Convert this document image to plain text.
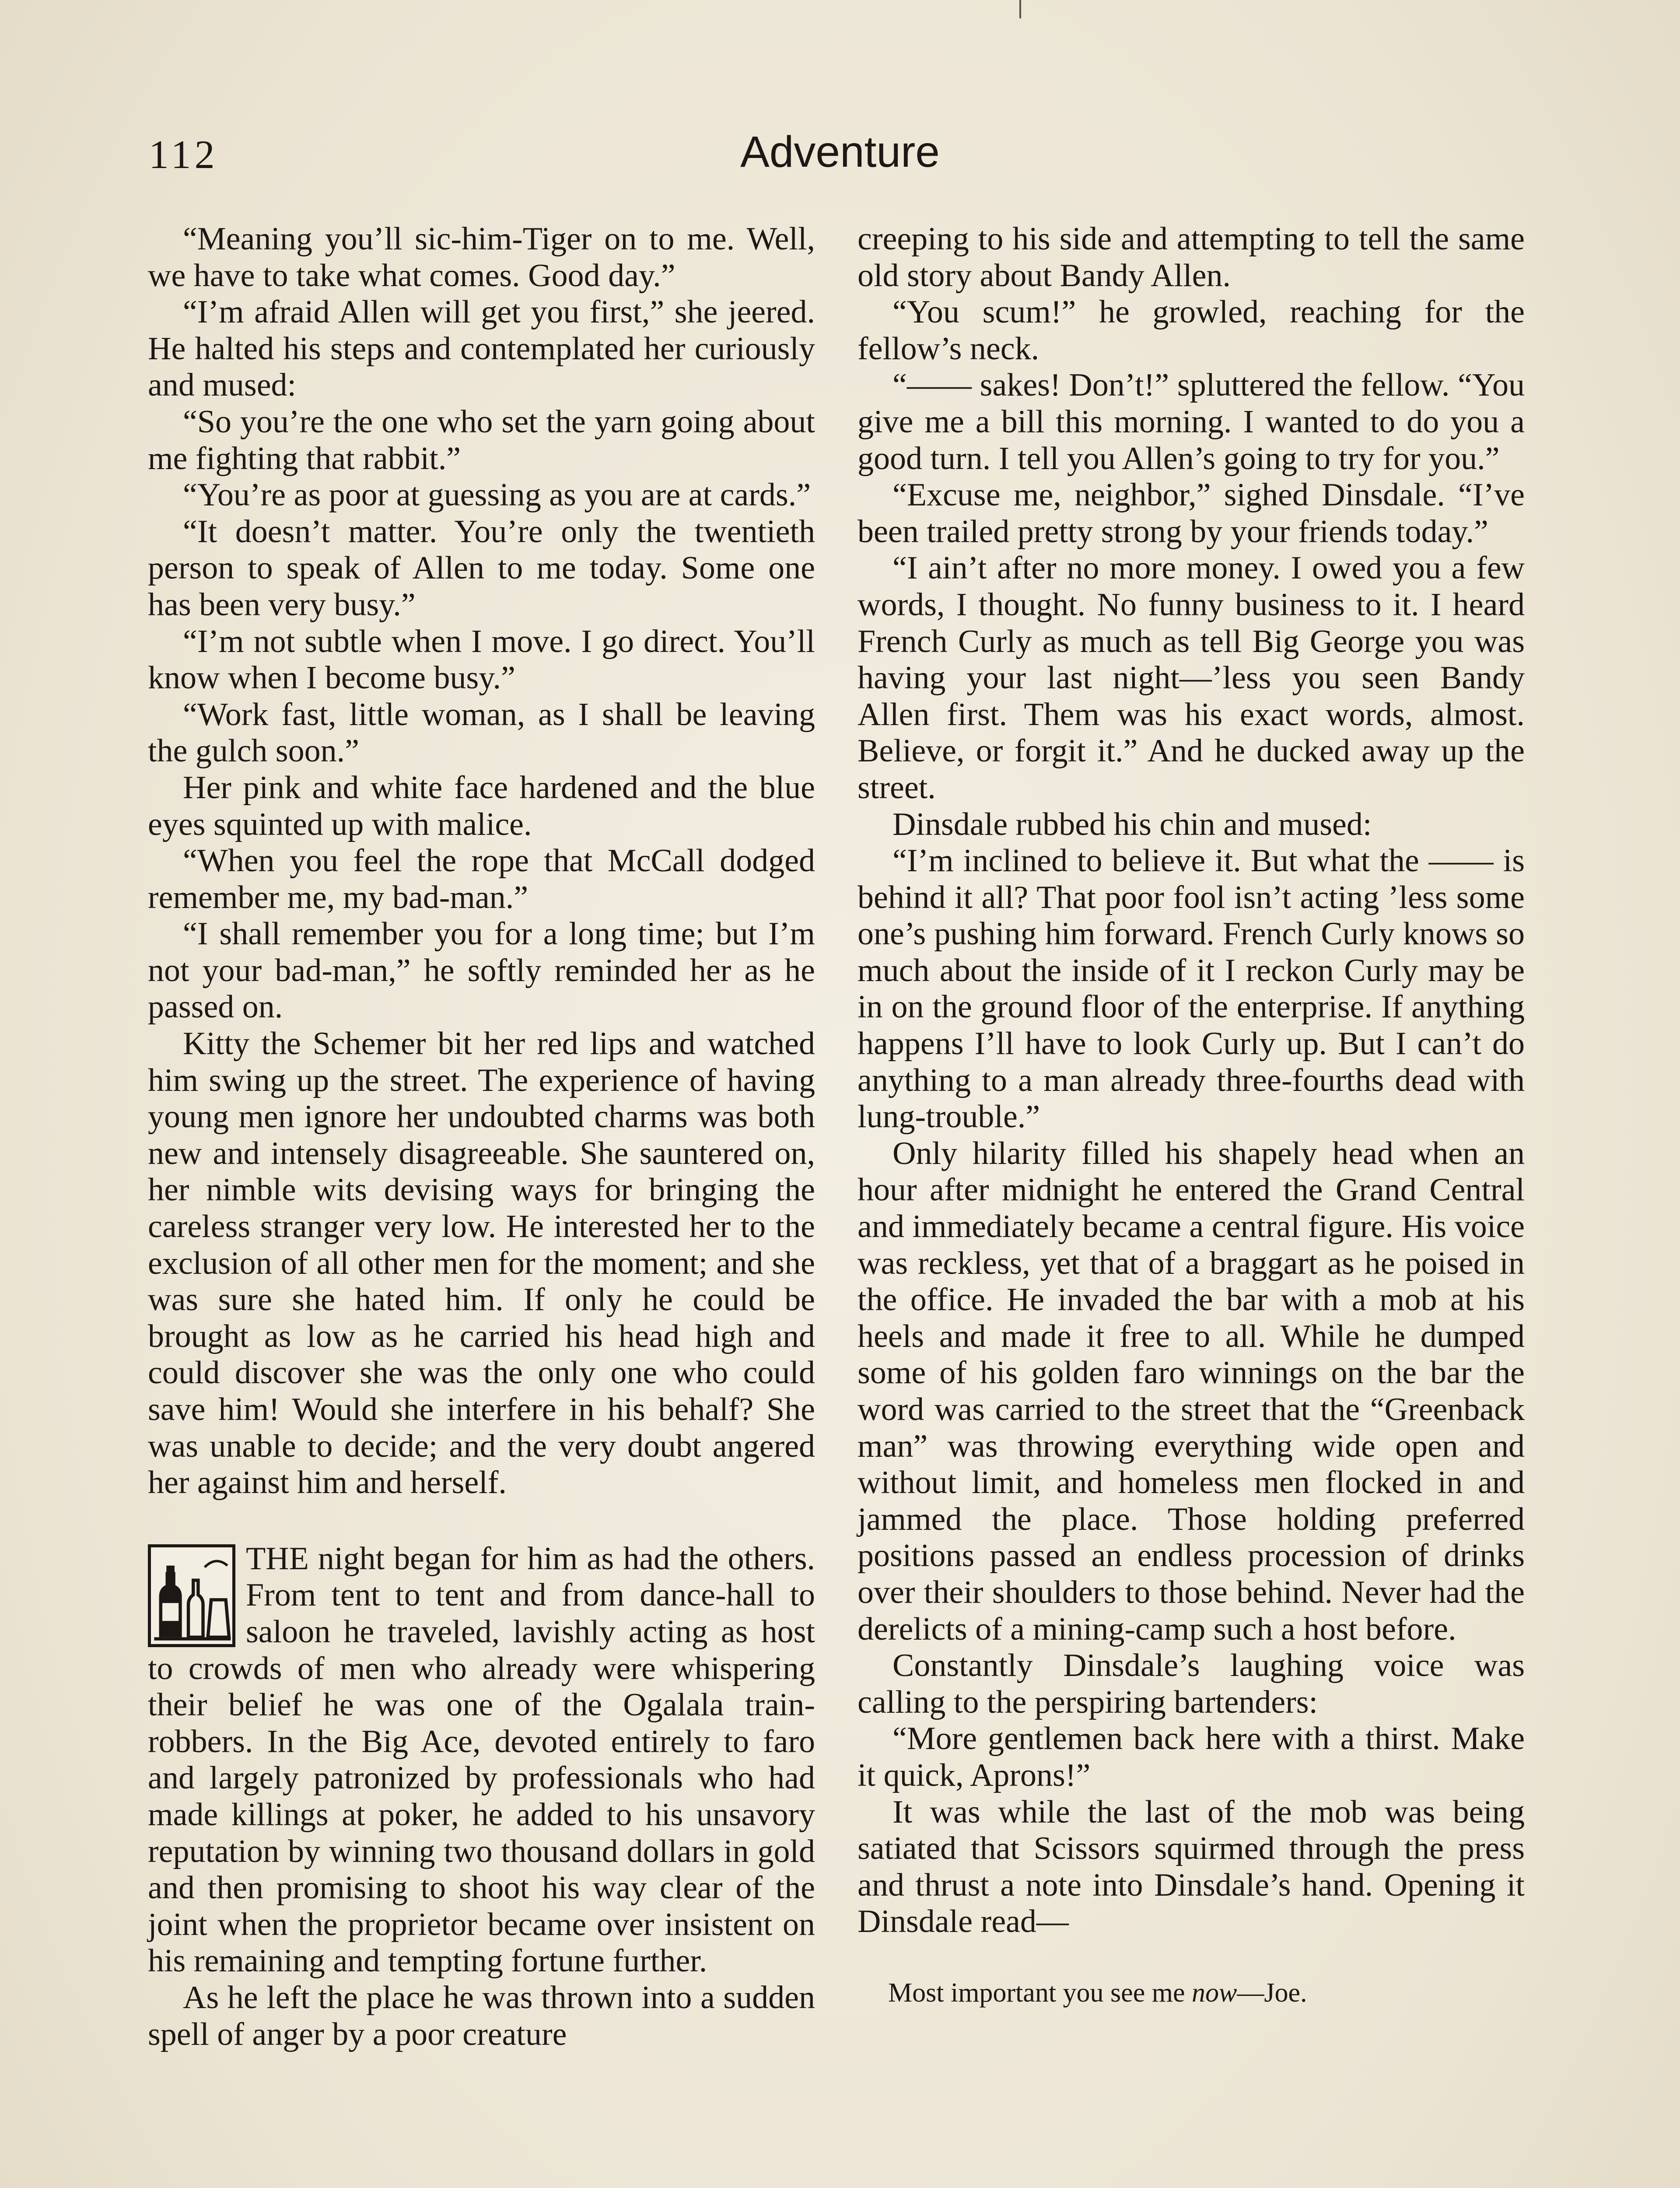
112	Adventure

“Meaning you’ll sic-him-Tiger on to me. Well, we have to take what comes. Good day.”

“I’m afraid Allen will get you first,” she jeered. He halted his steps and contemplated her curiously and mused:

“So you’re the one who set the yarn going about me fighting that rabbit.”

“You’re as poor at guessing as you are at cards.”

“It doesn’t matter. You’re only the twentieth person to speak of Allen to me today. Some one has been very busy.”

“I’m not subtle when I move. I go direct. You’ll know when I become busy.”

“Work fast, little woman, as I shall be leaving the gulch soon.”

Her pink and white face hardened and the blue eyes squinted up with malice.

“When you feel the rope that McCall dodged remember me, my bad-man.”

“I shall remember you for a long time; but I’m not your bad-man,” he softly reminded her as he passed on.

Kitty the Schemer bit her red lips and watched him swing up the street. The experience of having young men ignore her undoubted charms was both new and intensely disagreeable. She sauntered on, her nimble wits devising ways for bringing the careless stranger very low. He interested her to the exclusion of all other men for the moment; and she was sure she hated him. If only he could be brought as low as he carried his head high and could discover she was the only one who could save him! Would she interfere in his behalf? She was unable to decide; and the very doubt angered her against him and herself.

THE night began for him as had the others. From tent to tent and from dance-hall to saloon he traveled, lavishly acting as host to crowds of men who already were whispering their belief he was one of the Ogalala train-robbers. In the Big Ace, devoted entirely to faro and largely patronized by professionals who had made killings at poker, he added to his unsavory reputation by winning two thousand dollars in gold and then promising to shoot his way clear of the joint when the proprietor became over insistent on his remaining and tempting fortune further.

As he left the place he was thrown into a sudden spell of anger by a poor creature

creeping to his side and attempting to tell the same old story about Bandy Allen.

“You scum!” he growled, reaching for the fellow’s neck.

“—— sakes! Don’t!” spluttered the fellow. “You give me a bill this morning. I wanted to do you a good turn. I tell you Allen’s going to try for you.”

“Excuse me, neighbor,” sighed Dinsdale. “I’ve been trailed pretty strong by your friends today.”

“I ain’t after no more money. I owed you a few words, I thought. No funny business to it. I heard French Curly as much as tell Big George you was having your last night—’less you seen Bandy Allen first. Them was his exact words, almost. Believe, or forgit it.” And he ducked away up the street.

Dinsdale rubbed his chin and mused:

“I’m inclined to believe it. But what the —— is behind it all? That poor fool isn’t acting ’less some one’s pushing him forward. French Curly knows so much about the inside of it I reckon Curly may be in on the ground floor of the enterprise. If anything happens I’ll have to look Curly up. But I can’t do anything to a man already three-fourths dead with lung-trouble.”

Only hilarity filled his shapely head when an hour after midnight he entered the Grand Central and immediately became a central figure. His voice was reckless, yet that of a braggart as he poised in the office. He invaded the bar with a mob at his heels and made it free to all. While he dumped some of his golden faro winnings on the bar the word was carried to the street that the “Greenback man” was throwing everything wide open and without limit, and homeless men flocked in and jammed the place. Those holding preferred positions passed an endless procession of drinks over their shoulders to those behind. Never had the derelicts of a mining-camp such a host before.

Constantly Dinsdale’s laughing voice was calling to the perspiring bartenders:

“More gentlemen back here with a thirst. Make it quick, Aprons!”

It was while the last of the mob was being satiated that Scissors squirmed through the press and thrust a note into Dinsdale’s hand. Opening it Dinsdale read—

Most important you see me now—Joe.
